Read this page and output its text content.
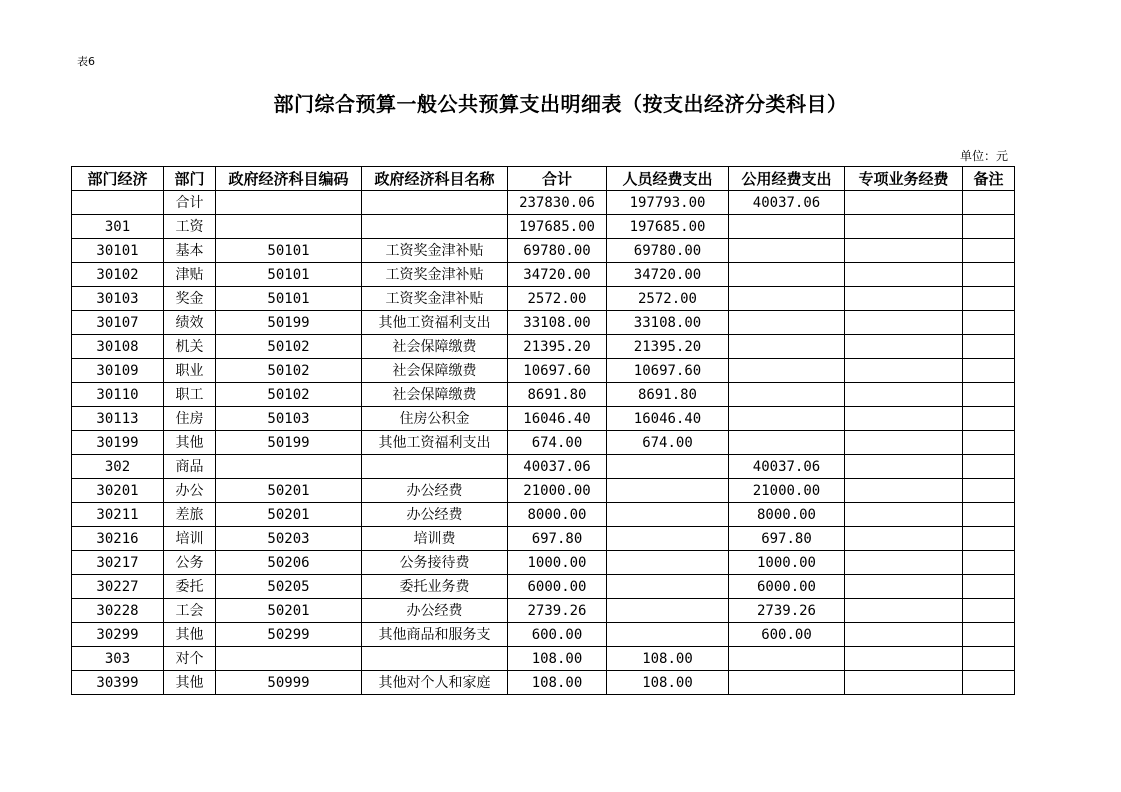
表6
部门综合预算一般公共预算支出明细表（按支出经济分类科目）
单位：元
部门经济	部门	政府经济科目编码	政府经济科目名称	合计	人员经费支出	公用经费支出	专项业务经费	备注
	合计			237830.06	197793.00	40037.06		
301	工资			197685.00	197685.00			
30101	基本	50101	工资奖金津补贴	69780.00	69780.00			
30102	津贴	50101	工资奖金津补贴	34720.00	34720.00			
30103	奖金	50101	工资奖金津补贴	2572.00	2572.00			
30107	绩效	50199	其他工资福利支出	33108.00	33108.00			
30108	机关	50102	社会保障缴费	21395.20	21395.20			
30109	职业	50102	社会保障缴费	10697.60	10697.60			
30110	职工	50102	社会保障缴费	8691.80	8691.80			
30113	住房	50103	住房公积金	16046.40	16046.40			
30199	其他	50199	其他工资福利支出	674.00	674.00			
302	商品			40037.06		40037.06		
30201	办公	50201	办公经费	21000.00		21000.00		
30211	差旅	50201	办公经费	8000.00		8000.00		
30216	培训	50203	培训费	697.80		697.80		
30217	公务	50206	公务接待费	1000.00		1000.00		
30227	委托	50205	委托业务费	6000.00		6000.00		
30228	工会	50201	办公经费	2739.26		2739.26		
30299	其他	50299	其他商品和服务支	600.00		600.00		
303	对个			108.00	108.00			
30399	其他	50999	其他对个人和家庭	108.00	108.00			
